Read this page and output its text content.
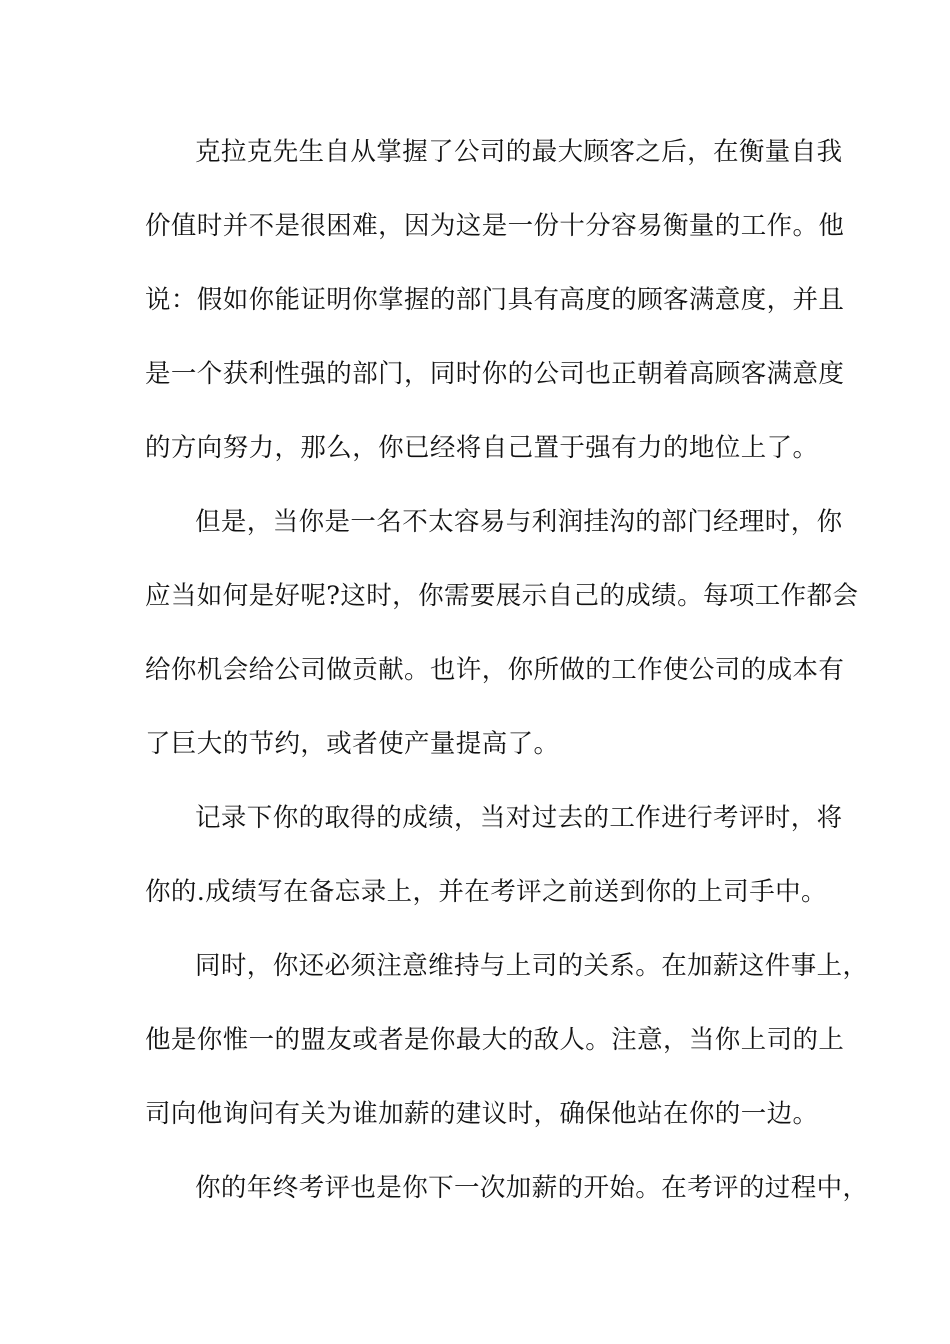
克拉克先生自从掌握了公司的最大顾客之后，在衡量自我
价值时并不是很困难，因为这是一份十分容易衡量的工作。他
说：假如你能证明你掌握的部门具有高度的顾客满意度，并且
是一个获利性强的部门，同时你的公司也正朝着高顾客满意度
的方向努力，那么，你已经将自己置于强有力的地位上了。
但是，当你是一名不太容易与利润挂沟的部门经理时，你
应当如何是好呢?这时，你需要展示自己的成绩。每项工作都会
给你机会给公司做贡献。也许，你所做的工作使公司的成本有
了巨大的节约，或者使产量提高了。
记录下你的取得的成绩，当对过去的工作进行考评时，将
你的.成绩写在备忘录上，并在考评之前送到你的上司手中。
同时，你还必须注意维持与上司的关系。在加薪这件事上，
他是你惟一的盟友或者是你最大的敌人。注意，当你上司的上
司向他询问有关为谁加薪的建议时，确保他站在你的一边。
你的年终考评也是你下一次加薪的开始。在考评的过程中，
